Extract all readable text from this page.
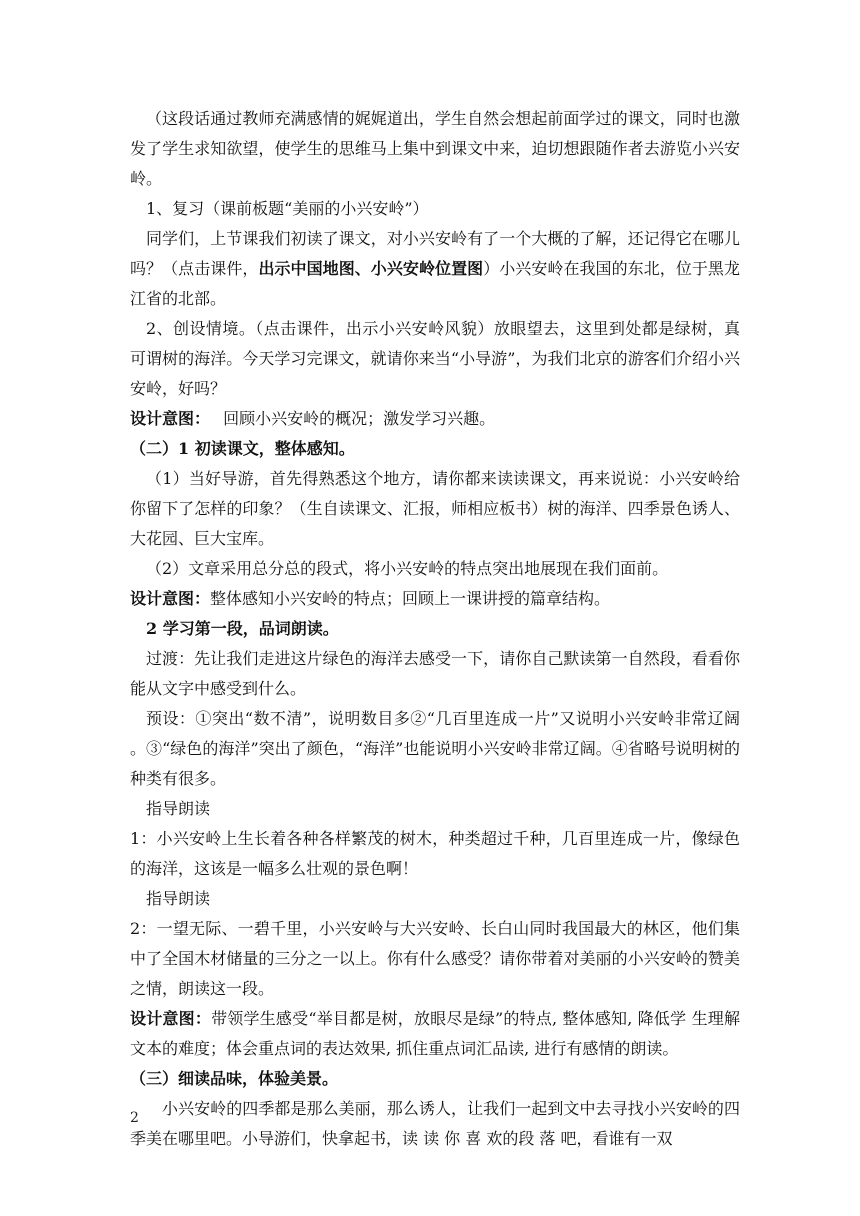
（这段话通过教师充满感情的娓娓道出，学生自然会想起前面学过的课文，同时也激发了学生求知欲望，使学生的思维马上集中到课文中来，迫切想跟随作者去游览小兴安岭。

1、复习（课前板题“美丽的小兴安岭”）

同学们，上节课我们初读了课文，对小兴安岭有了一个大概的了解，还记得它在哪儿吗？（点击课件，出示中国地图、小兴安岭位置图）小兴安岭在我国的东北，位于黑龙江省的北部。

2、创设情境。（点击课件，出示小兴安岭风貌）放眼望去，这里到处都是绿树，真可谓树的海洋。今天学习完课文，就请你来当“小导游”，为我们北京的游客们介绍小兴安岭，好吗？

设计意图：　 回顾小兴安岭的概况；激发学习兴趣。

（二）1 初读课文，整体感知。

（1）当好导游，首先得熟悉这个地方，请你都来读读课文，再来说说：小兴安岭给你留下了怎样的印象？（生自读课文、汇报，师相应板书）树的海洋、四季景色诱人、大花园、巨大宝库。

（2）文章采用总分总的段式，将小兴安岭的特点突出地展现在我们面前。

设计意图：整体感知小兴安岭的特点；回顾上一课讲授的篇章结构。

2 学习第一段，品词朗读。

过渡：先让我们走进这片绿色的海洋去感受一下，请你自己默读第一自然段，看看你能从文字中感受到什么。

预设：①突出“数不清”，说明数目多②“几百里连成一片”又说明小兴安岭非常辽阔 。③“绿色的海洋”突出了颜色，“海洋”也能说明小兴安岭非常辽阔。④省略号说明树的种类有很多。

指导朗读

1：小兴安岭上生长着各种各样繁茂的树木，种类超过千种，几百里连成一片，像绿色的海洋，这该是一幅多么壮观的景色啊！

指导朗读

2：一望无际、一碧千里，小兴安岭与大兴安岭、长白山同时我国最大的林区，他们集中了全国木材储量的三分之一以上。你有什么感受？请你带着对美丽的小兴安岭的赞美之情，朗读这一段。

设计意图：带领学生感受“举目都是树，放眼尽是绿”的特点, 整体感知, 降低学 生理解文本的难度；体会重点词的表达效果, 抓住重点词汇品读, 进行有感情的朗读。

（三）细读品味，体验美景。

小兴安岭的四季都是那么美丽，那么诱人，让我们一起到文中去寻找小兴安岭的四季美在哪里吧。小导游们，快拿起书，读 读 你 喜 欢的段 落 吧，看谁有一双

2
